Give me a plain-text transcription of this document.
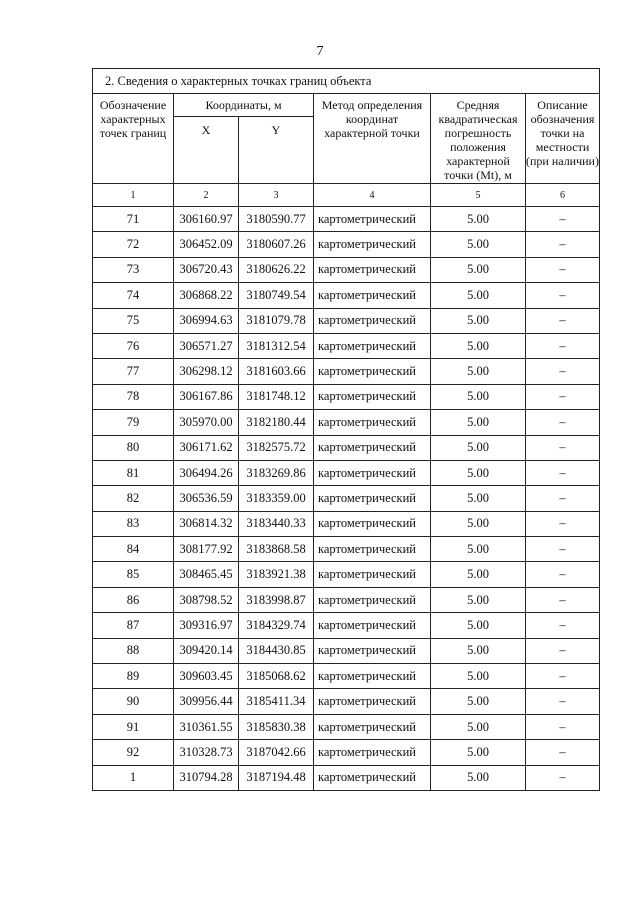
7
2. Сведения о характерных точках границ объекта					
Обозначение характерных точек границ	Координаты, м		Метод определения координат характерной точки	Средняя квадратическая погрешность положения характерной точки (Mt), м	Описание обозначения точки на местности (при наличии)
	X	Y			
1	2	3	4	5	6
71	306160.97	3180590.77	картометрический	5.00	–
72	306452.09	3180607.26	картометрический	5.00	–
73	306720.43	3180626.22	картометрический	5.00	–
74	306868.22	3180749.54	картометрический	5.00	–
75	306994.63	3181079.78	картометрический	5.00	–
76	306571.27	3181312.54	картометрический	5.00	–
77	306298.12	3181603.66	картометрический	5.00	–
78	306167.86	3181748.12	картометрический	5.00	–
79	305970.00	3182180.44	картометрический	5.00	–
80	306171.62	3182575.72	картометрический	5.00	–
81	306494.26	3183269.86	картометрический	5.00	–
82	306536.59	3183359.00	картометрический	5.00	–
83	306814.32	3183440.33	картометрический	5.00	–
84	308177.92	3183868.58	картометрический	5.00	–
85	308465.45	3183921.38	картометрический	5.00	–
86	308798.52	3183998.87	картометрический	5.00	–
87	309316.97	3184329.74	картометрический	5.00	–
88	309420.14	3184430.85	картометрический	5.00	–
89	309603.45	3185068.62	картометрический	5.00	–
90	309956.44	3185411.34	картометрический	5.00	–
91	310361.55	3185830.38	картометрический	5.00	–
92	310328.73	3187042.66	картометрический	5.00	–
1	310794.28	3187194.48	картометрический	5.00	–
